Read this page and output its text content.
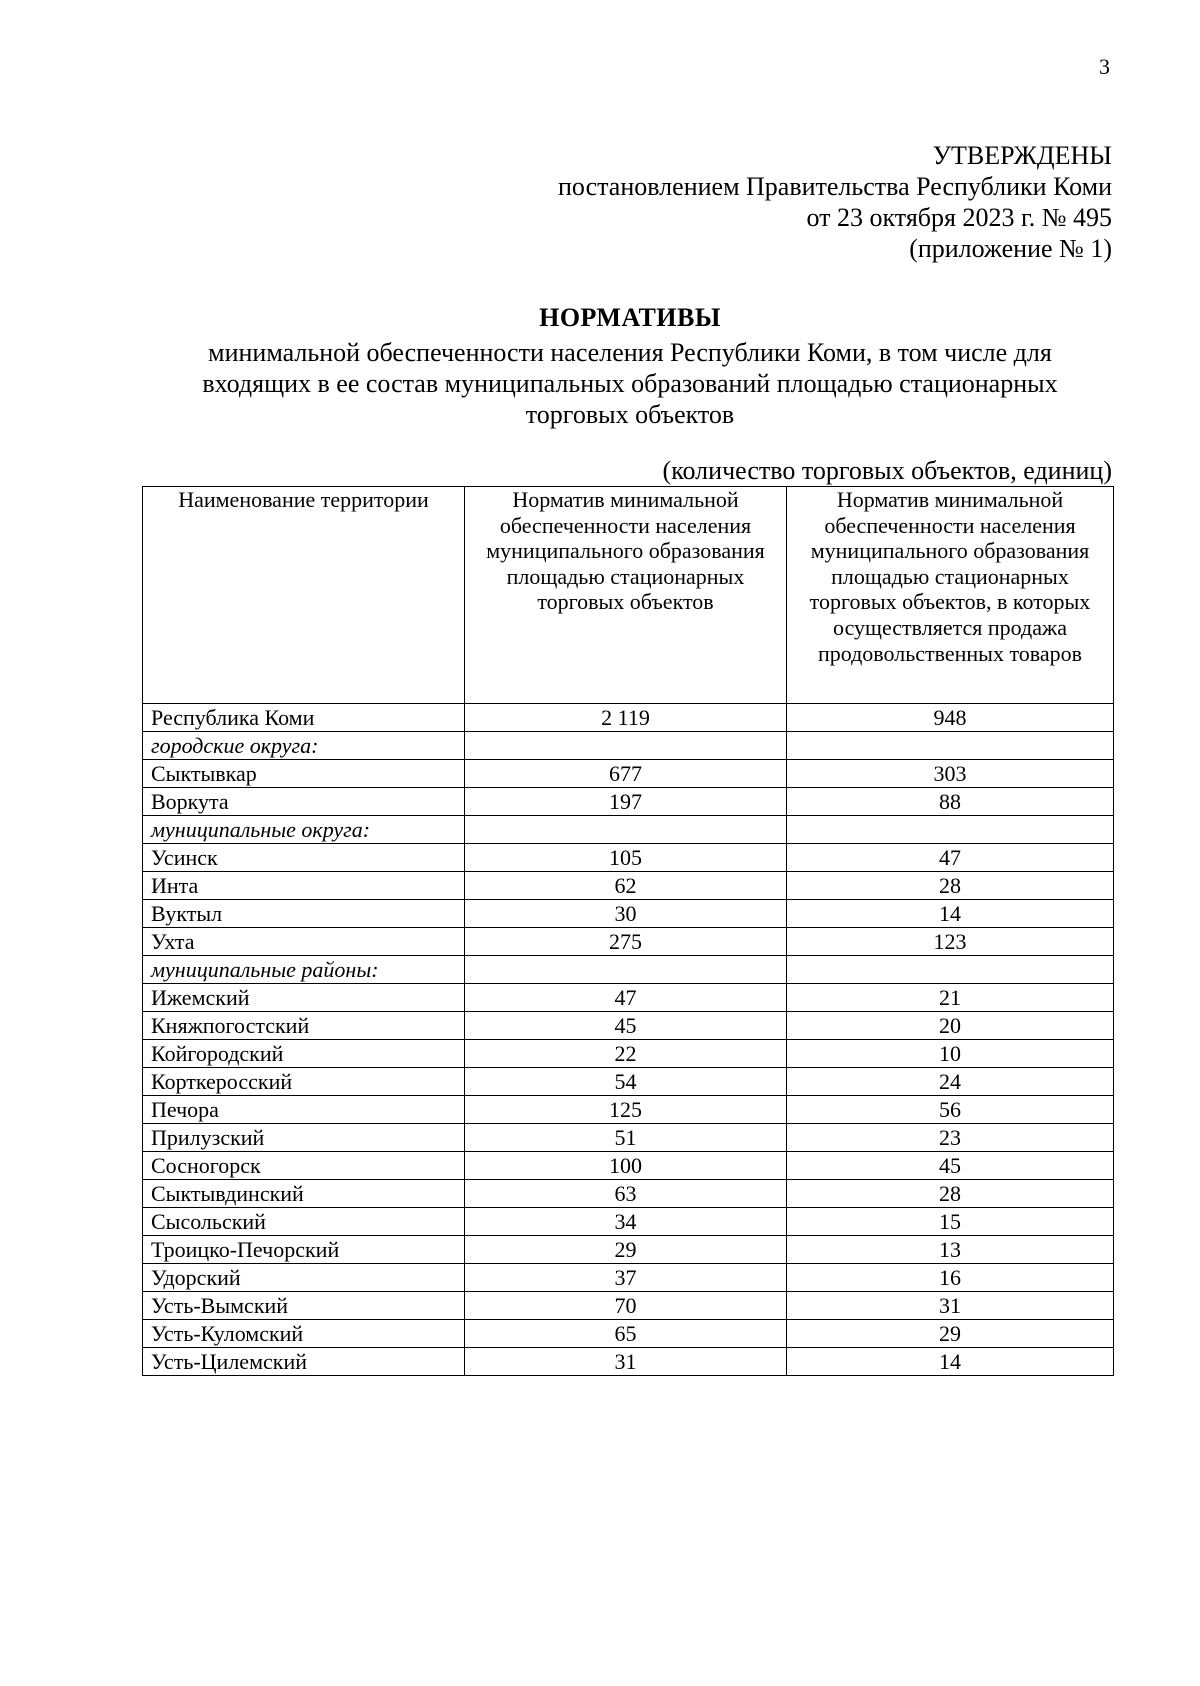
3
УТВЕРЖДЕНЫ
постановлением Правительства Республики Коми
от 23 октября 2023 г. № 495
(приложение № 1)
НОРМАТИВЫ
минимальной обеспеченности населения Республики Коми, в том числе для
входящих в ее состав муниципальных образований площадью стационарных
торговых объектов
(количество торговых объектов, единиц)
Наименование территории	Норматив минимальной обеспеченности населения муниципального образования площадью стационарных торговых объектов	Норматив минимальной обеспеченности населения муниципального образования площадью стационарных торговых объектов, в которых осуществляется продажа продовольственных товаров
Республика Коми	2 119	948
городские округа:		
Сыктывкар	677	303
Воркута	197	88
муниципальные округа:		
Усинск	105	47
Инта	62	28
Вуктыл	30	14
Ухта	275	123
муниципальные районы:		
Ижемский	47	21
Княжпогостский	45	20
Койгородский	22	10
Корткеросский	54	24
Печора	125	56
Прилузский	51	23
Сосногорск	100	45
Сыктывдинский	63	28
Сысольский	34	15
Троицко-Печорский	29	13
Удорский	37	16
Усть-Вымский	70	31
Усть-Куломский	65	29
Усть-Цилемский	31	14
